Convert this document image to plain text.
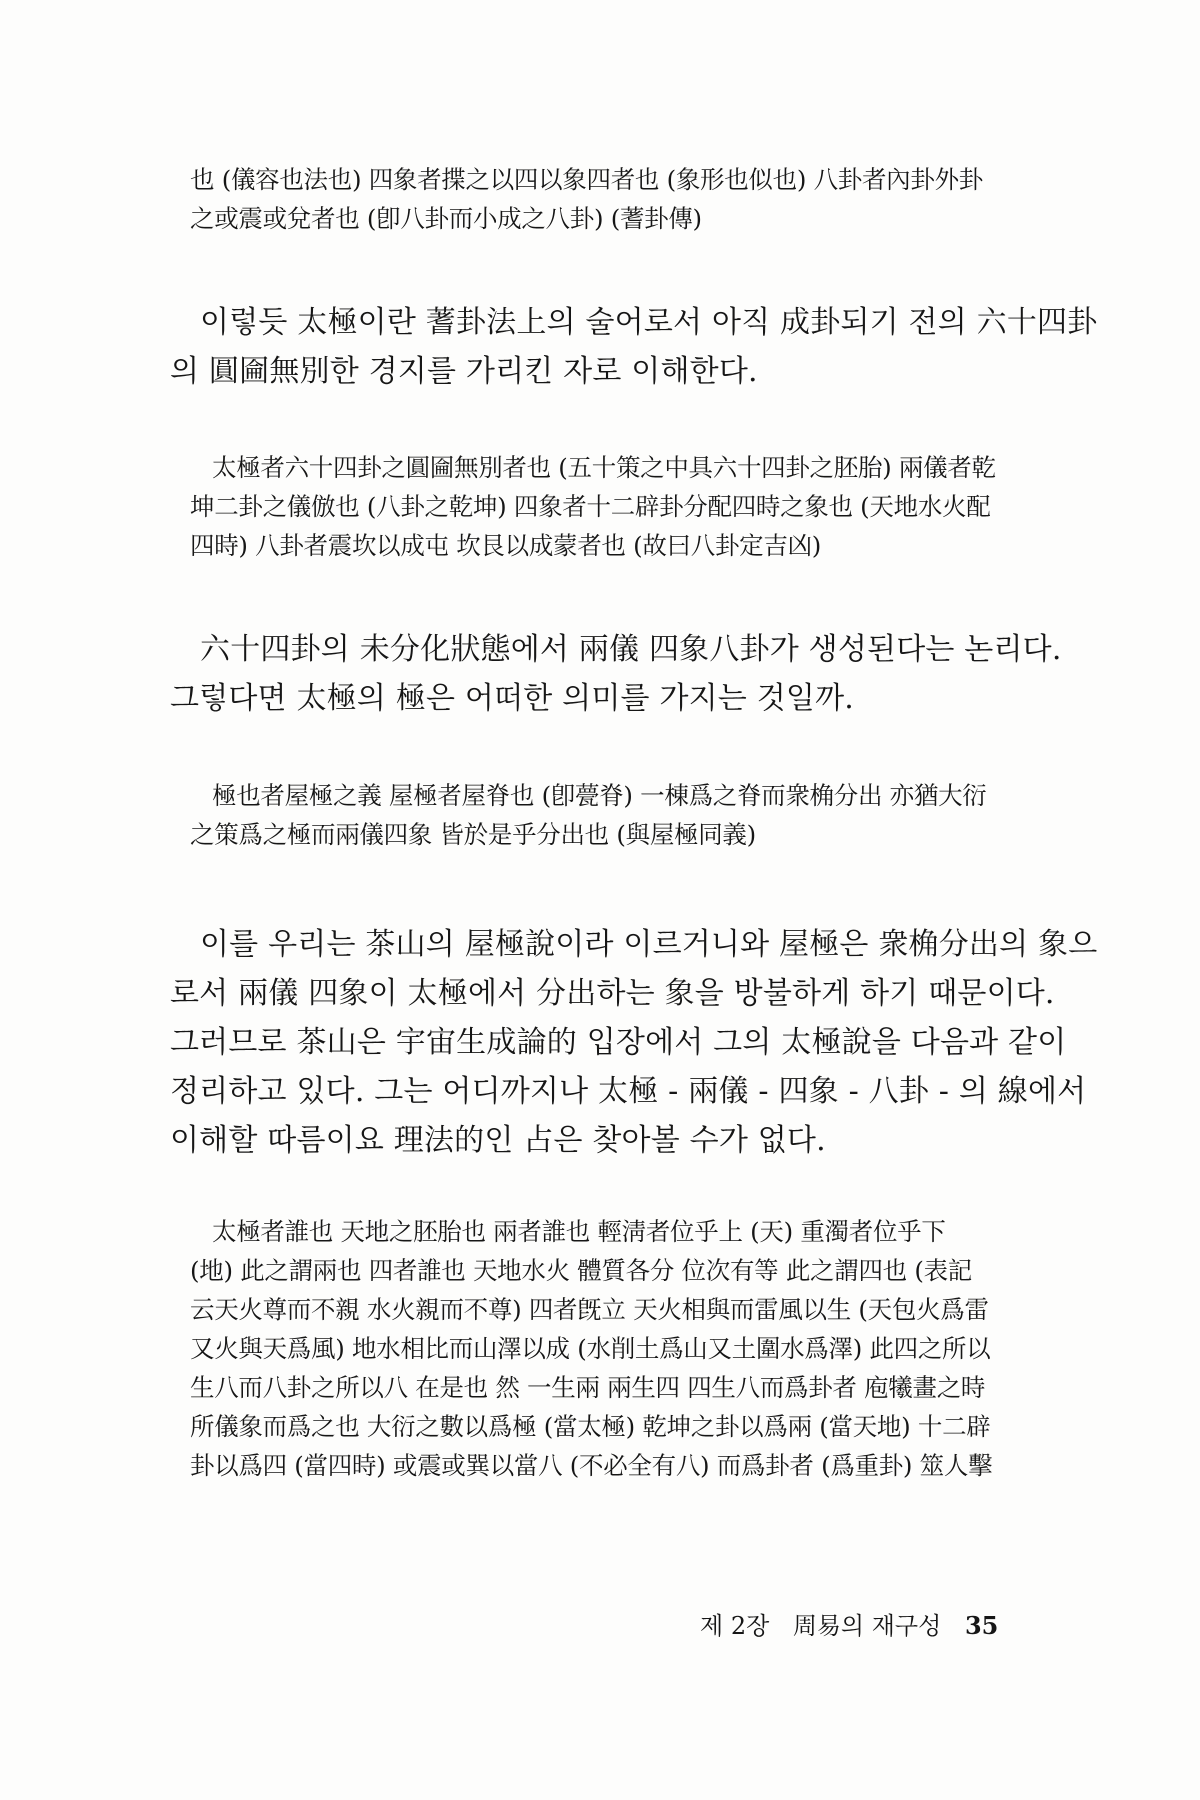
也 (儀容也法也) 四象者揲之以四以象四者也 (象形也似也) 八卦者內卦外卦
之或震或兌者也 (卽八卦而小成之八卦) (蓍卦傳)
이렇듯 太極이란 蓍卦法上의 술어로서 아직 成卦되기 전의 六十四卦
의 圓圇無別한 경지를 가리킨 자로 이해한다.
太極者六十四卦之圓圇無別者也 (五十策之中具六十四卦之胚胎) 兩儀者乾
坤二卦之儀倣也 (八卦之乾坤) 四象者十二辟卦分配四時之象也 (天地水火配
四時) 八卦者震坎以成屯 坎艮以成蒙者也 (故曰八卦定吉凶)
六十四卦의 未分化狀態에서 兩儀 四象八卦가 생성된다는 논리다.
그렇다면 太極의 極은 어떠한 의미를 가지는 것일까.
極也者屋極之義 屋極者屋脊也 (卽甍脊) 一棟爲之脊而衆桷分出 亦猶大衍
之策爲之極而兩儀四象 皆於是乎分出也 (與屋極同義)
이를 우리는 茶山의 屋極說이라 이르거니와 屋極은 衆桷分出의 象으
로서 兩儀 四象이 太極에서 分出하는 象을 방불하게 하기 때문이다.
그러므로 茶山은 宇宙生成論的 입장에서 그의 太極說을 다음과 같이
정리하고 있다. 그는 어디까지나 太極 - 兩儀 - 四象 - 八卦 - 의 線에서
이해할 따름이요 理法的인 占은 찾아볼 수가 없다.
太極者誰也 天地之胚胎也 兩者誰也 輕淸者位乎上 (天) 重濁者位乎下
(地) 此之謂兩也 四者誰也 天地水火 體質各分 位次有等 此之謂四也 (表記
云天火尊而不親 水火親而不尊) 四者旣立 天火相與而雷風以生 (天包火爲雷
又火與天爲風) 地水相比而山澤以成 (水削土爲山又土圍水爲澤) 此四之所以
生八而八卦之所以八 在是也 然 一生兩 兩生四 四生八而爲卦者 庖犧畫之時
所儀象而爲之也 大衍之數以爲極 (當太極) 乾坤之卦以爲兩 (當天地) 十二辟
卦以爲四 (當四時) 或震或巽以當八 (不必全有八) 而爲卦者 (爲重卦) 筮人擊
제 2장 周易의 재구성 35
